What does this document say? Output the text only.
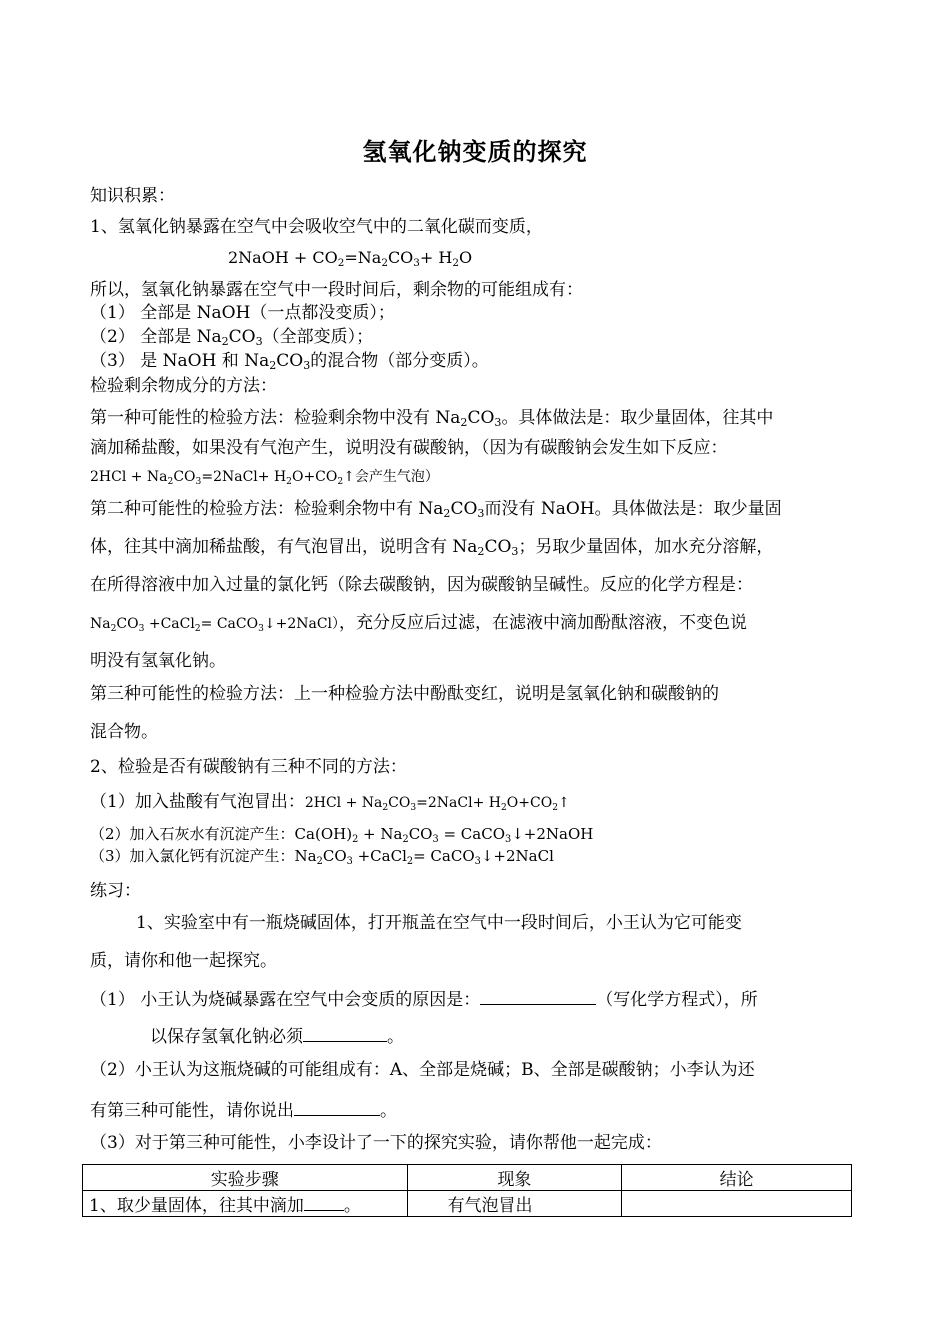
氢氧化钠变质的探究
知识积累：
1、氢氧化钠暴露在空气中会吸收空气中的二氧化碳而变质，
2NaOH + $CO_2=Na_2CO_3+ H_2O$
所以，氢氧化钠暴露在空气中一段时间后，剩余物的可能组成有：
（1） 全部是 NaOH（一点都没变质）；
（2） 全部是 $Na_2CO_3$（全部变质）；
（3） 是 NaOH 和 $Na_2CO_3$的混合物（部分变质）。
检验剩余物成分的方法：
第一种可能性的检验方法：检验剩余物中没有 $Na_2CO_3$。具体做法是：取少量固体，往其中
滴加稀盐酸，如果没有气泡产生，说明没有碳酸钠，（因为有碳酸钠会发生如下反应：
$2HCl + Na_2CO_3=2NaCl+$ $H_2O+CO_2↑$会产生气泡）
第二种可能性的检验方法：检验剩余物中有 $Na_2CO_3$而没有 NaOH。具体做法是：取少量固
体，往其中滴加稀盐酸，有气泡冒出，说明含有 $Na_2CO_3$；另取少量固体，加水充分溶解，
在所得溶液中加入过量的氯化钙（除去碳酸钠，因为碳酸钠呈碱性。反应的化学方程是：
$Na_2CO_3$ +CaCl$_2$= CaCO$_3$↓+2NaCl），充分反应后过滤，在滤液中滴加酚酞溶液，不变色说
明没有氢氧化钠。
第三种可能性的检验方法：上一种检验方法中酚酞变红，说明是氢氧化钠和碳酸钠的
混合物。
2、检验是否有碳酸钠有三种不同的方法：
（1）加入盐酸有气泡冒出：$2HCl + Na_2CO_3=2NaCl+$ $H_2O+CO_2↑$
（2）加入石灰水有沉淀产生：$Ca(OH)_2 + Na_2CO_3$ = CaCO$_3$↓+2NaOH
（3）加入氯化钙有沉淀产生：$Na_2CO_3$ +CaCl$_2$= CaCO$_3$↓+2NaCl
练习：
1、实验室中有一瓶烧碱固体，打开瓶盖在空气中一段时间后，小王认为它可能变
质，请你和他一起探究。
（1） 小王认为烧碱暴露在空气中会变质的原因是：	（写化学方程式），所
以保存氢氧化钠必须	。
（2）小王认为这瓶烧碱的可能组成有：A、全部是烧碱；B、全部是碳酸钠；小李认为还
有第三种可能性，请你说出	。
（3）对于第三种可能性，小李设计了一下的探究实验，请你帮他一起完成：
实验步骤	现象	结论
1、取少量固体，往其中滴加 。	有气泡冒出	
